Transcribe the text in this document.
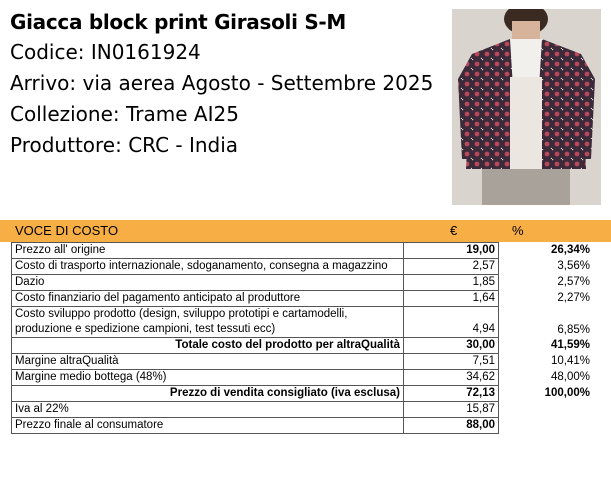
Giacca block print Girasoli S-M
Codice: IN0161924
Arrivo: via aerea Agosto - Settembre 2025
Collezione: Trame AI25
Produttore: CRC - India
VOCE DI COSTO	€	%
Prezzo all' origine	19,00	26,34%
Costo di trasporto internazionale, sdoganamento, consegna a magazzino	2,57	3,56%
Dazio	1,85	2,57%
Costo finanziario del pagamento anticipato al produttore	1,64	2,27%

Costo sviluppo prodotto (design, sviluppo prototipi e cartamodelli,
produzione e spedizione campioni, test tessuti ecc)	4,94	6,85%
Totale costo del prodotto per altraQualità	30,00	41,59%
Margine altraQualità	7,51	10,41%
Margine medio bottega (48%)	34,62	48,00%
Prezzo di vendita consigliato (iva esclusa)	72,13	100,00%
Iva al 22%	15,87	
Prezzo finale al consumatore	88,00	
